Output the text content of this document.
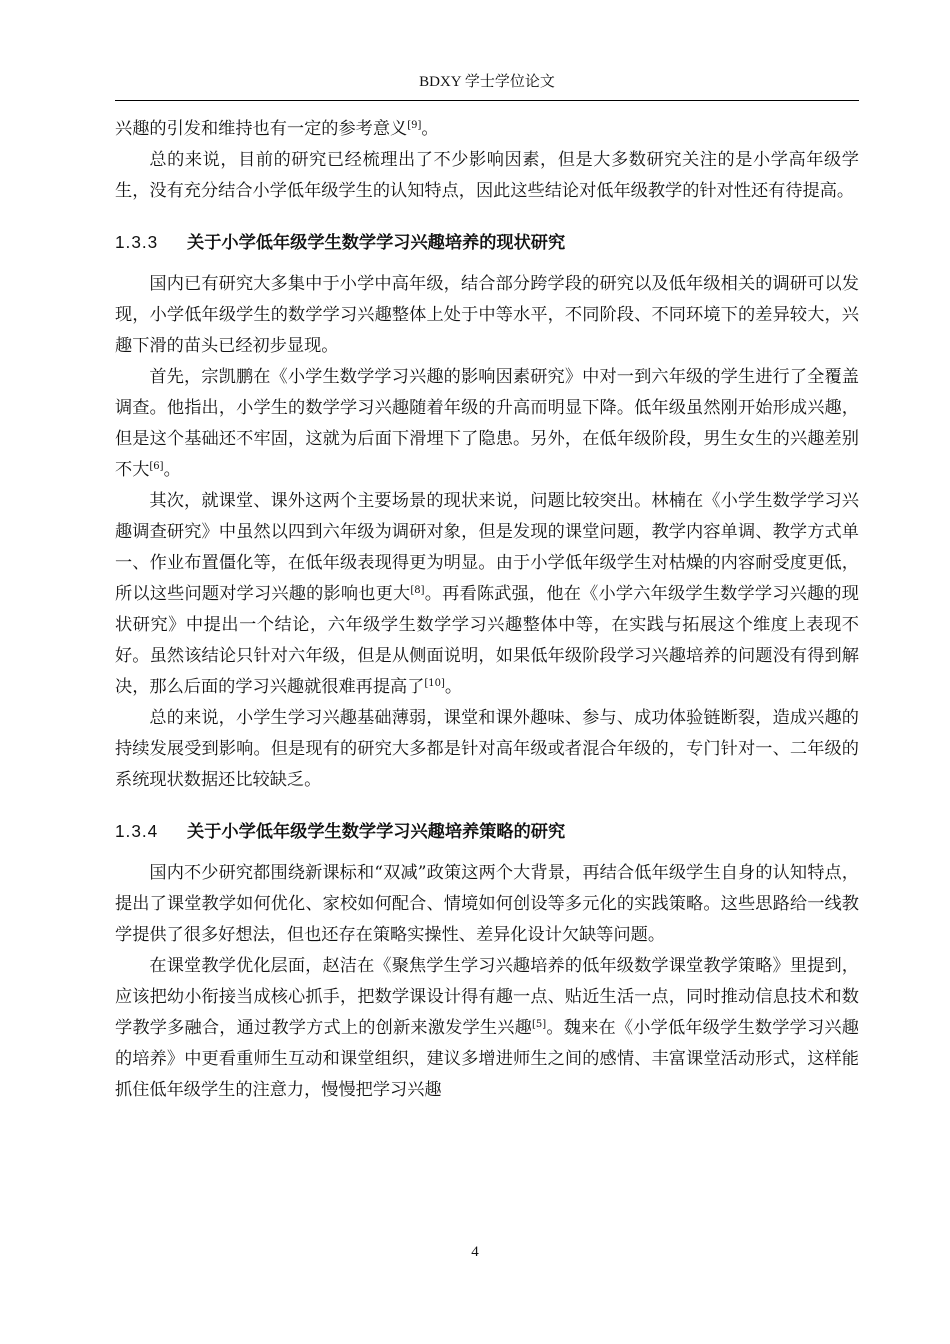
BDXY 学士学位论文

兴趣的引发和维持也有一定的参考意义[9]。

总的来说，目前的研究已经梳理出了不少影响因素，但是大多数研究关注的是小学高年级学生，没有充分结合小学低年级学生的认知特点，因此这些结论对低年级教学的针对性还有待提高。

1.3.3 关于小学低年级学生数学学习兴趣培养的现状研究

国内已有研究大多集中于小学中高年级，结合部分跨学段的研究以及低年级相关的调研可以发现，小学低年级学生的数学学习兴趣整体上处于中等水平，不同阶段、不同环境下的差异较大，兴趣下滑的苗头已经初步显现。

首先，宗凯鹏在《小学生数学学习兴趣的影响因素研究》中对一到六年级的学生进行了全覆盖调查。他指出，小学生的数学学习兴趣随着年级的升高而明显下降。低年级虽然刚开始形成兴趣，但是这个基础还不牢固，这就为后面下滑埋下了隐患。另外，在低年级阶段，男生女生的兴趣差别不大[6]。

其次，就课堂、课外这两个主要场景的现状来说，问题比较突出。林楠在《小学生数学学习兴趣调查研究》中虽然以四到六年级为调研对象，但是发现的课堂问题，教学内容单调、教学方式单一、作业布置僵化等，在低年级表现得更为明显。由于小学低年级学生对枯燥的内容耐受度更低，所以这些问题对学习兴趣的影响也更大[8]。再看陈武强，他在《小学六年级学生数学学习兴趣的现状研究》中提出一个结论，六年级学生数学学习兴趣整体中等，在实践与拓展这个维度上表现不好。虽然该结论只针对六年级，但是从侧面说明，如果低年级阶段学习兴趣培养的问题没有得到解决，那么后面的学习兴趣就很难再提高了[10]。

总的来说，小学生学习兴趣基础薄弱，课堂和课外趣味、参与、成功体验链断裂，造成兴趣的持续发展受到影响。但是现有的研究大多都是针对高年级或者混合年级的，专门针对一、二年级的系统现状数据还比较缺乏。

1.3.4 关于小学低年级学生数学学习兴趣培养策略的研究

国内不少研究都围绕新课标和“双减”政策这两个大背景，再结合低年级学生自身的认知特点，提出了课堂教学如何优化、家校如何配合、情境如何创设等多元化的实践策略。这些思路给一线教学提供了很多好想法，但也还存在策略实操性、差异化设计欠缺等问题。

在课堂教学优化层面，赵洁在《聚焦学生学习兴趣培养的低年级数学课堂教学策略》里提到，应该把幼小衔接当成核心抓手，把数学课设计得有趣一点、贴近生活一点，同时推动信息技术和数学教学多融合，通过教学方式上的创新来激发学生兴趣[5]。魏来在《小学低年级学生数学学习兴趣的培养》中更看重师生互动和课堂组织，建议多增进师生之间的感情、丰富课堂活动形式，这样能抓住低年级学生的注意力，慢慢把学习兴趣

4
